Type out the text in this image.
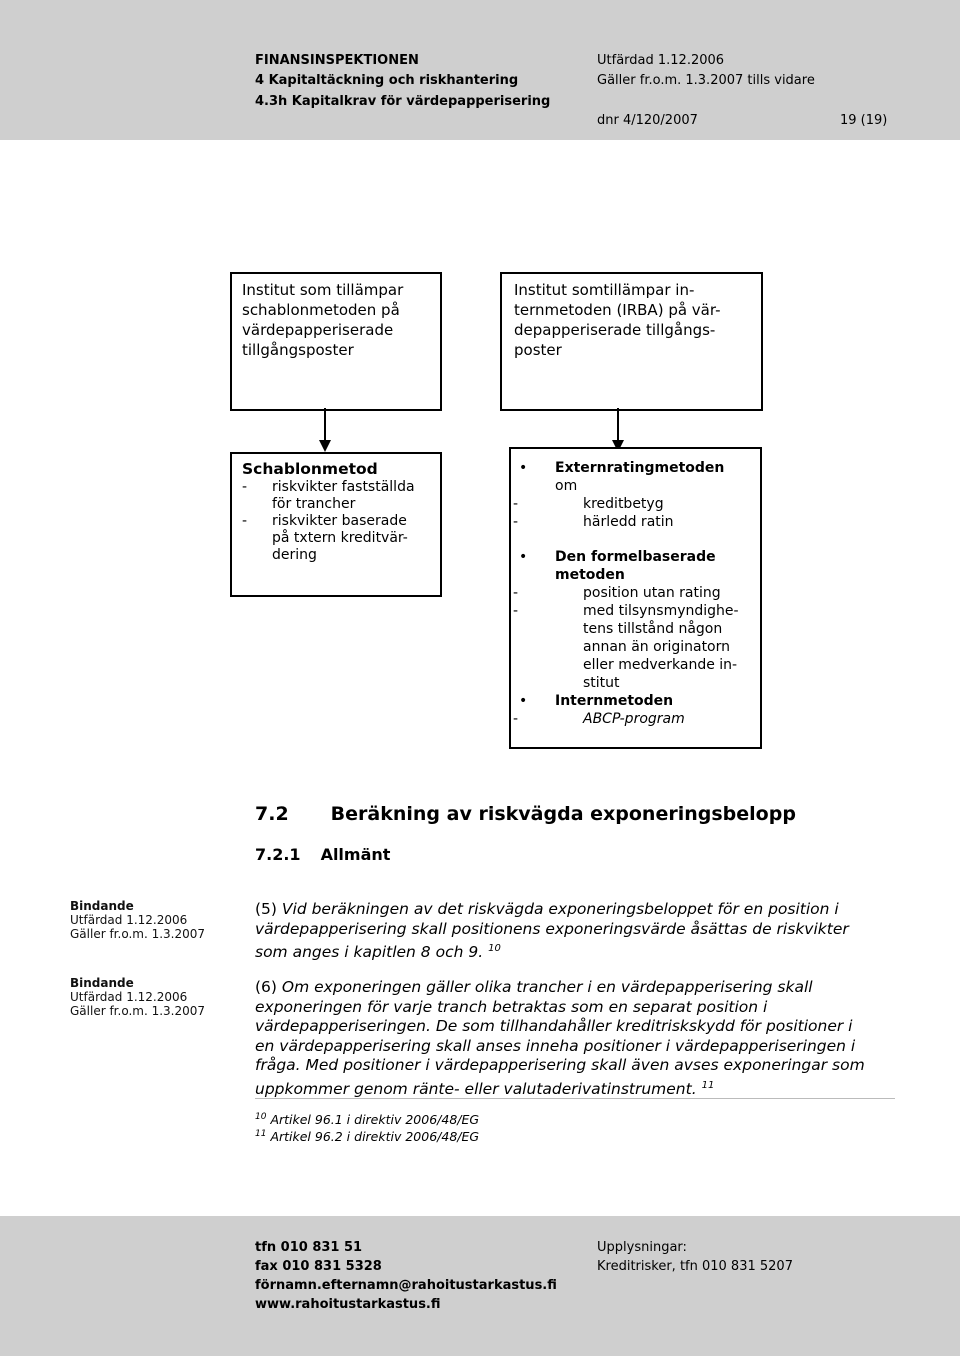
FINANSINSPEKTIONEN
4 Kapitaltäckning och riskhantering
4.3h Kapitalkrav för värdepapperisering
Utfärdad 1.12.2006
Gäller fr.o.m. 1.3.2007 tills vidare
dnr 4/120/2007	19 (19)
Institut som tillämpar
schablonmetoden på
värdepapperiserade
tillgångsposter
Institut somtillämpar in-
ternmetoden (IRBA) på vär-
depapperiserade tillgångs-
poster
Schablonmetod
- riskvikter fastställda
för trancher
- riskvikter baserade
på txtern kreditvär-
dering
• Externratingmetoden
om
-	kreditbetyg
-	härledd ratin
• Den formelbaserade
metoden
-	position utan rating
-	med tilsynsmyndighe-
tens tillstånd någon
annan än originatorn
eller medverkande in-
stitut
• Internmetoden
-	ABCP-program
7.2 Beräkning av riskvägda exponeringsbelopp
7.2.1 Allmänt
Bindande
Utfärdad 1.12.2006
Gäller fr.o.m. 1.3.2007
Bindande
Utfärdad 1.12.2006
Gäller fr.o.m. 1.3.2007
(5) Vid beräkningen av det riskvägda exponeringsbeloppet för en position i
värdepapperisering skall positionens exponeringsvärde åsättas de riskvikter
som anges i kapitlen 8 och 9. $^{10}$
(6) Om exponeringen gäller olika trancher i en värdepapperisering skall
exponeringen för varje tranch betraktas som en separat position i
värdepapperiseringen. De som tillhandahåller kreditriskskydd för positioner i
en värdepapperisering skall anses inneha positioner i värdepapperiseringen i
fråga. Med positioner i värdepapperisering skall även avses exponeringar som
uppkommer genom ränte- eller valutaderivatinstrument. $^{11}$
$^{10}$ Artikel 96.1 i direktiv 2006/48/EG
$^{11}$ Artikel 96.2 i direktiv 2006/48/EG
tfn 010 831 51
fax 010 831 5328
förnamn.efternamn@rahoitustarkastus.fi
www.rahoitustarkastus.fi
Upplysningar:
Kreditrisker, tfn 010 831 5207
